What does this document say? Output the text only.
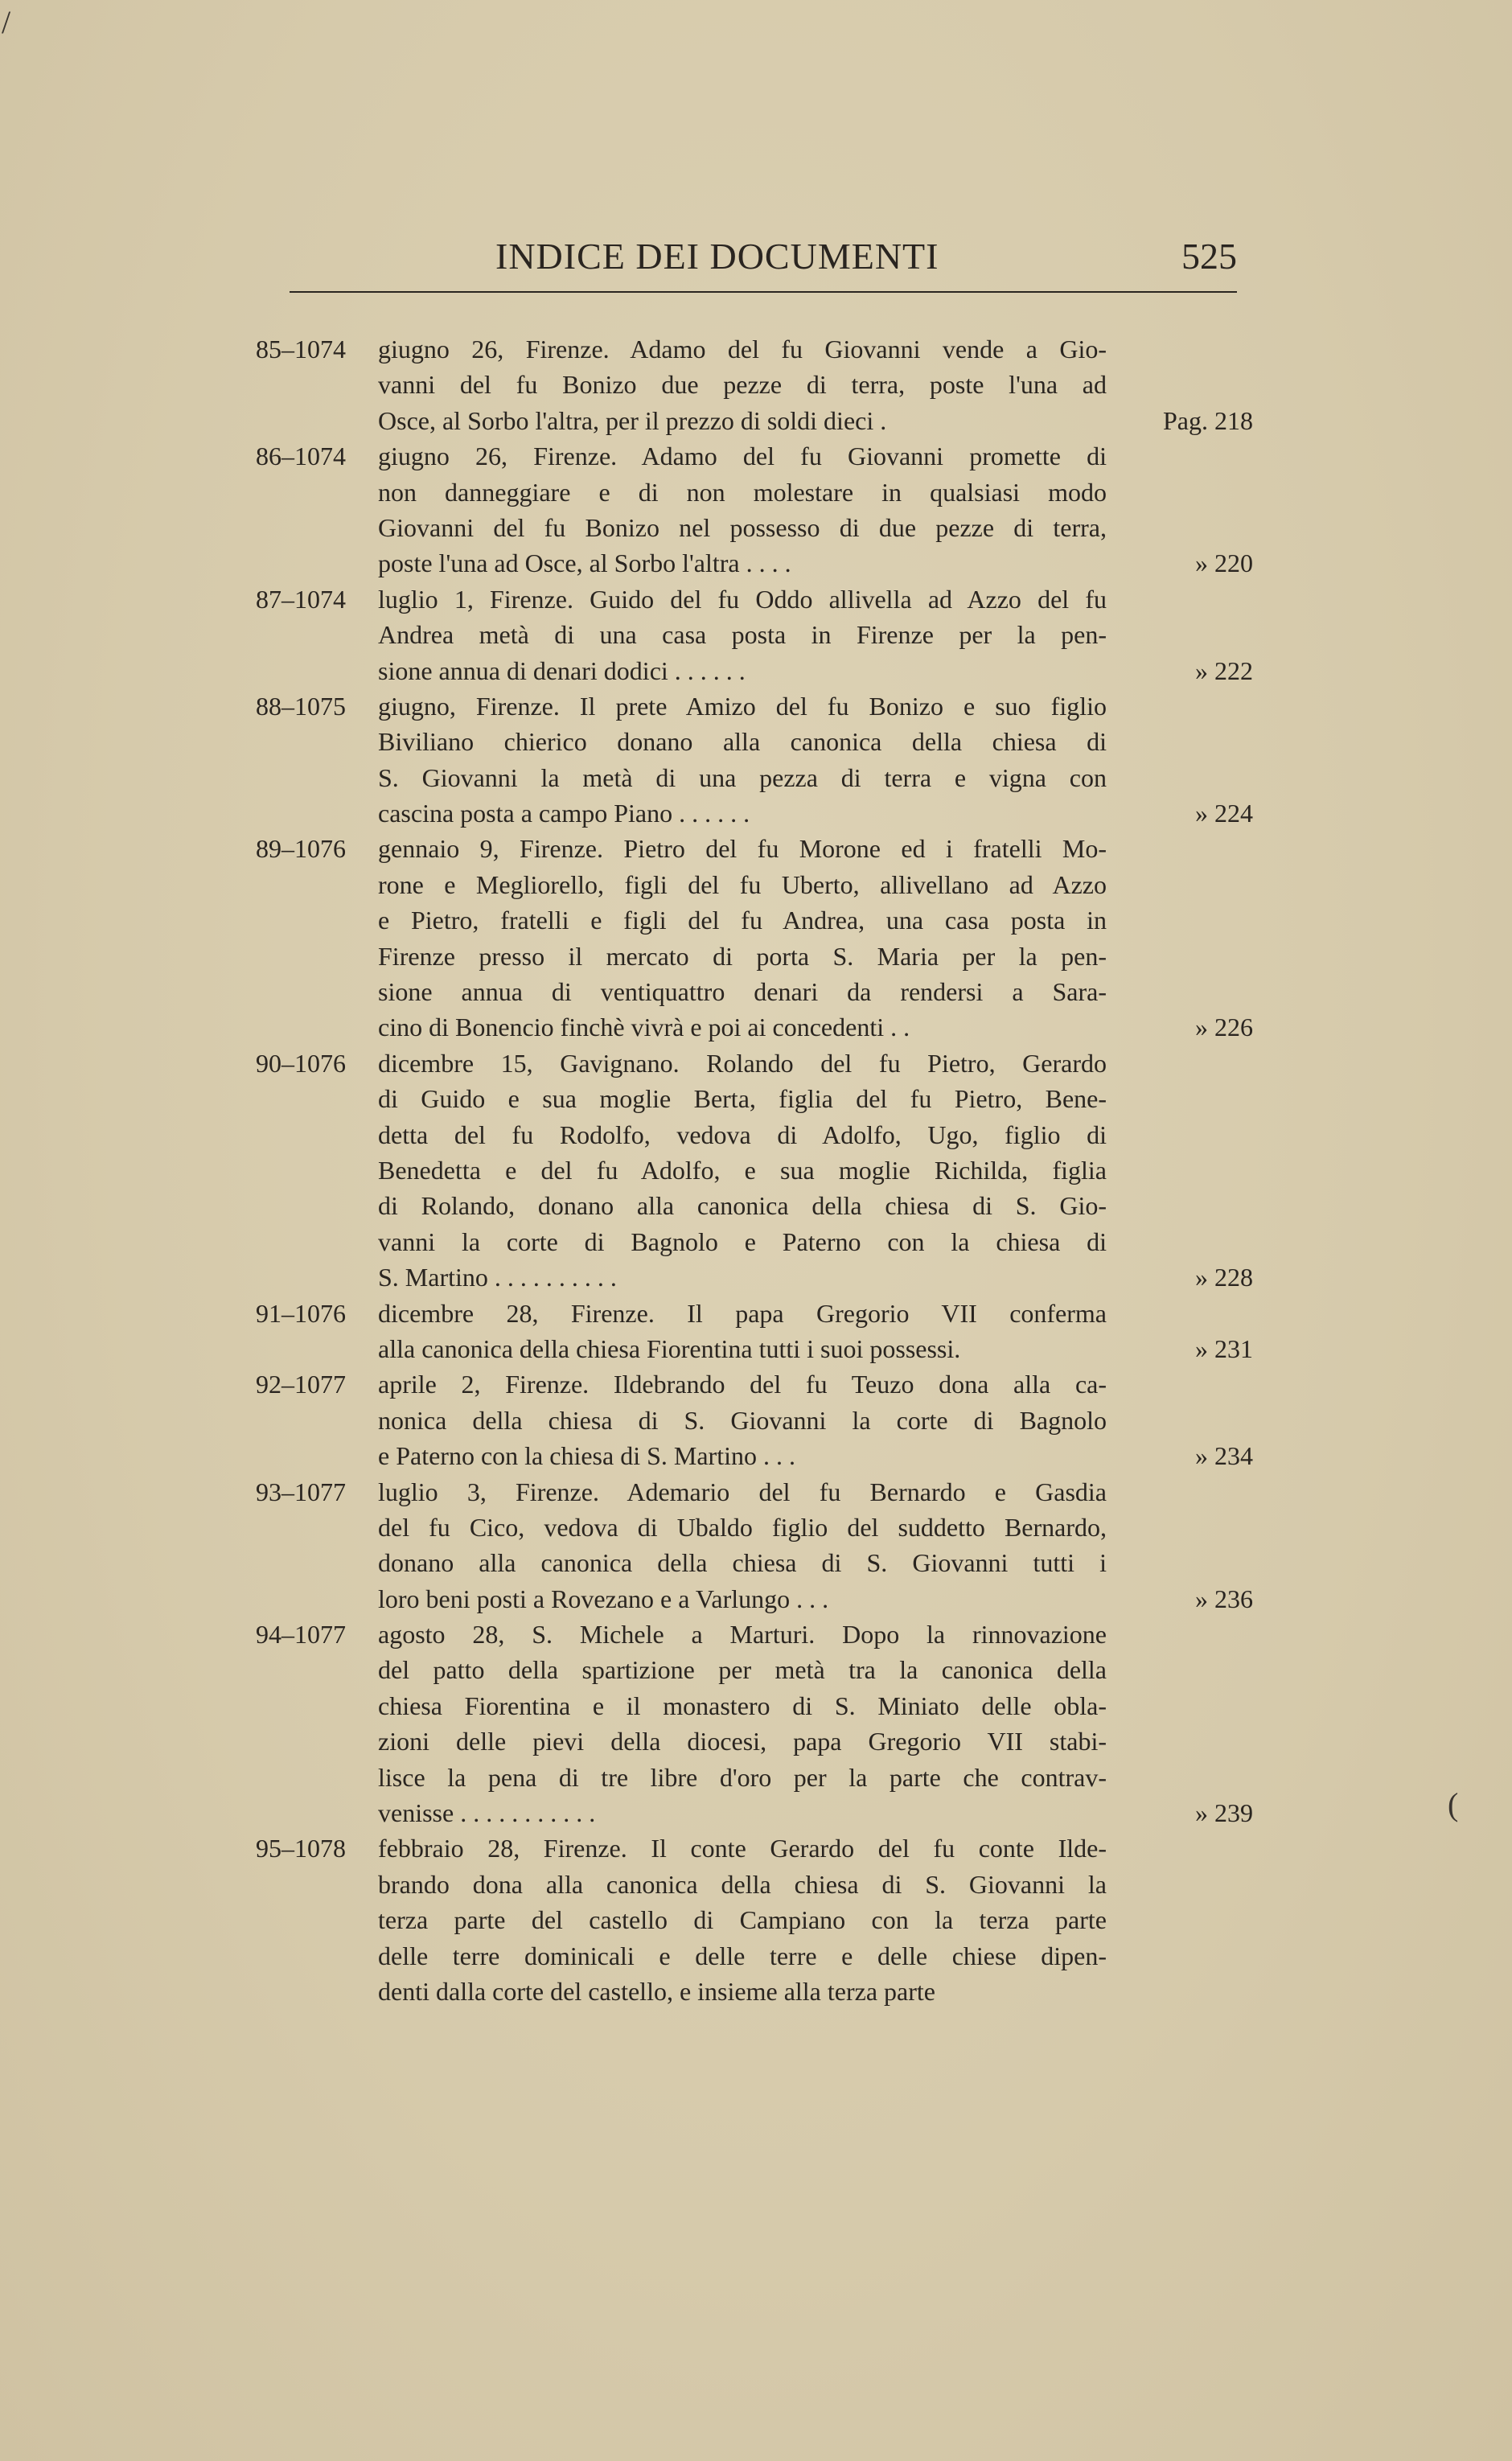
/
(
INDICE DEI DOCUMENTI	525
85–1074	giugno 26, Firenze. Adamo del fu Giovanni vende a Gio-
vanni del fu Bonizo due pezze di terra, poste l'una ad
Osce, al Sorbo l'altra, per il prezzo di soldi dieci .	Pag. 218
86–1074	giugno 26, Firenze. Adamo del fu Giovanni promette di
non danneggiare e di non molestare in qualsiasi modo
Giovanni del fu Bonizo nel possesso di due pezze di terra,
poste l'una ad Osce, al Sorbo l'altra . . . .	» 220
87–1074	luglio 1, Firenze. Guido del fu Oddo allivella ad Azzo del fu
Andrea metà di una casa posta in Firenze per la pen-
sione annua di denari dodici . . . . . .	» 222
88–1075	giugno, Firenze. Il prete Amizo del fu Bonizo e suo figlio
Biviliano chierico donano alla canonica della chiesa di
S. Giovanni la metà di una pezza di terra e vigna con
cascina posta a campo Piano . . . . . .	» 224
89–1076	gennaio 9, Firenze. Pietro del fu Morone ed i fratelli Mo-
rone e Megliorello, figli del fu Uberto, allivellano ad Azzo
e Pietro, fratelli e figli del fu Andrea, una casa posta in
Firenze presso il mercato di porta S. Maria per la pen-
sione annua di ventiquattro denari da rendersi a Sara-
cino di Bonencio finchè vivrà e poi ai concedenti . .	» 226
90–1076	dicembre 15, Gavignano. Rolando del fu Pietro, Gerardo
di Guido e sua moglie Berta, figlia del fu Pietro, Bene-
detta del fu Rodolfo, vedova di Adolfo, Ugo, figlio di
Benedetta e del fu Adolfo, e sua moglie Richilda, figlia
di Rolando, donano alla canonica della chiesa di S. Gio-
vanni la corte di Bagnolo e Paterno con la chiesa di
S. Martino . . . . . . . . . .	» 228
91–1076	dicembre 28, Firenze. Il papa Gregorio VII conferma
alla canonica della chiesa Fiorentina tutti i suoi possessi.	» 231
92–1077	aprile 2, Firenze. Ildebrando del fu Teuzo dona alla ca-
nonica della chiesa di S. Giovanni la corte di Bagnolo
e Paterno con la chiesa di S. Martino . . .	» 234
93–1077	luglio 3, Firenze. Ademario del fu Bernardo e Gasdia
del fu Cico, vedova di Ubaldo figlio del suddetto Bernardo,
donano alla canonica della chiesa di S. Giovanni tutti i
loro beni posti a Rovezano e a Varlungo . . .	» 236
94–1077	agosto 28, S. Michele a Marturi. Dopo la rinnovazione
del patto della spartizione per metà tra la canonica della
chiesa Fiorentina e il monastero di S. Miniato delle obla-
zioni delle pievi della diocesi, papa Gregorio VII stabi-
lisce la pena di tre libre d'oro per la parte che contrav-
venisse . . . . . . . . . . .	» 239
95–1078	febbraio 28, Firenze. Il conte Gerardo del fu conte Ilde-
brando dona alla canonica della chiesa di S. Giovanni la
terza parte del castello di Campiano con la terza parte
delle terre dominicali e delle terre e delle chiese dipen-
denti dalla corte del castello, e insieme alla terza parte
